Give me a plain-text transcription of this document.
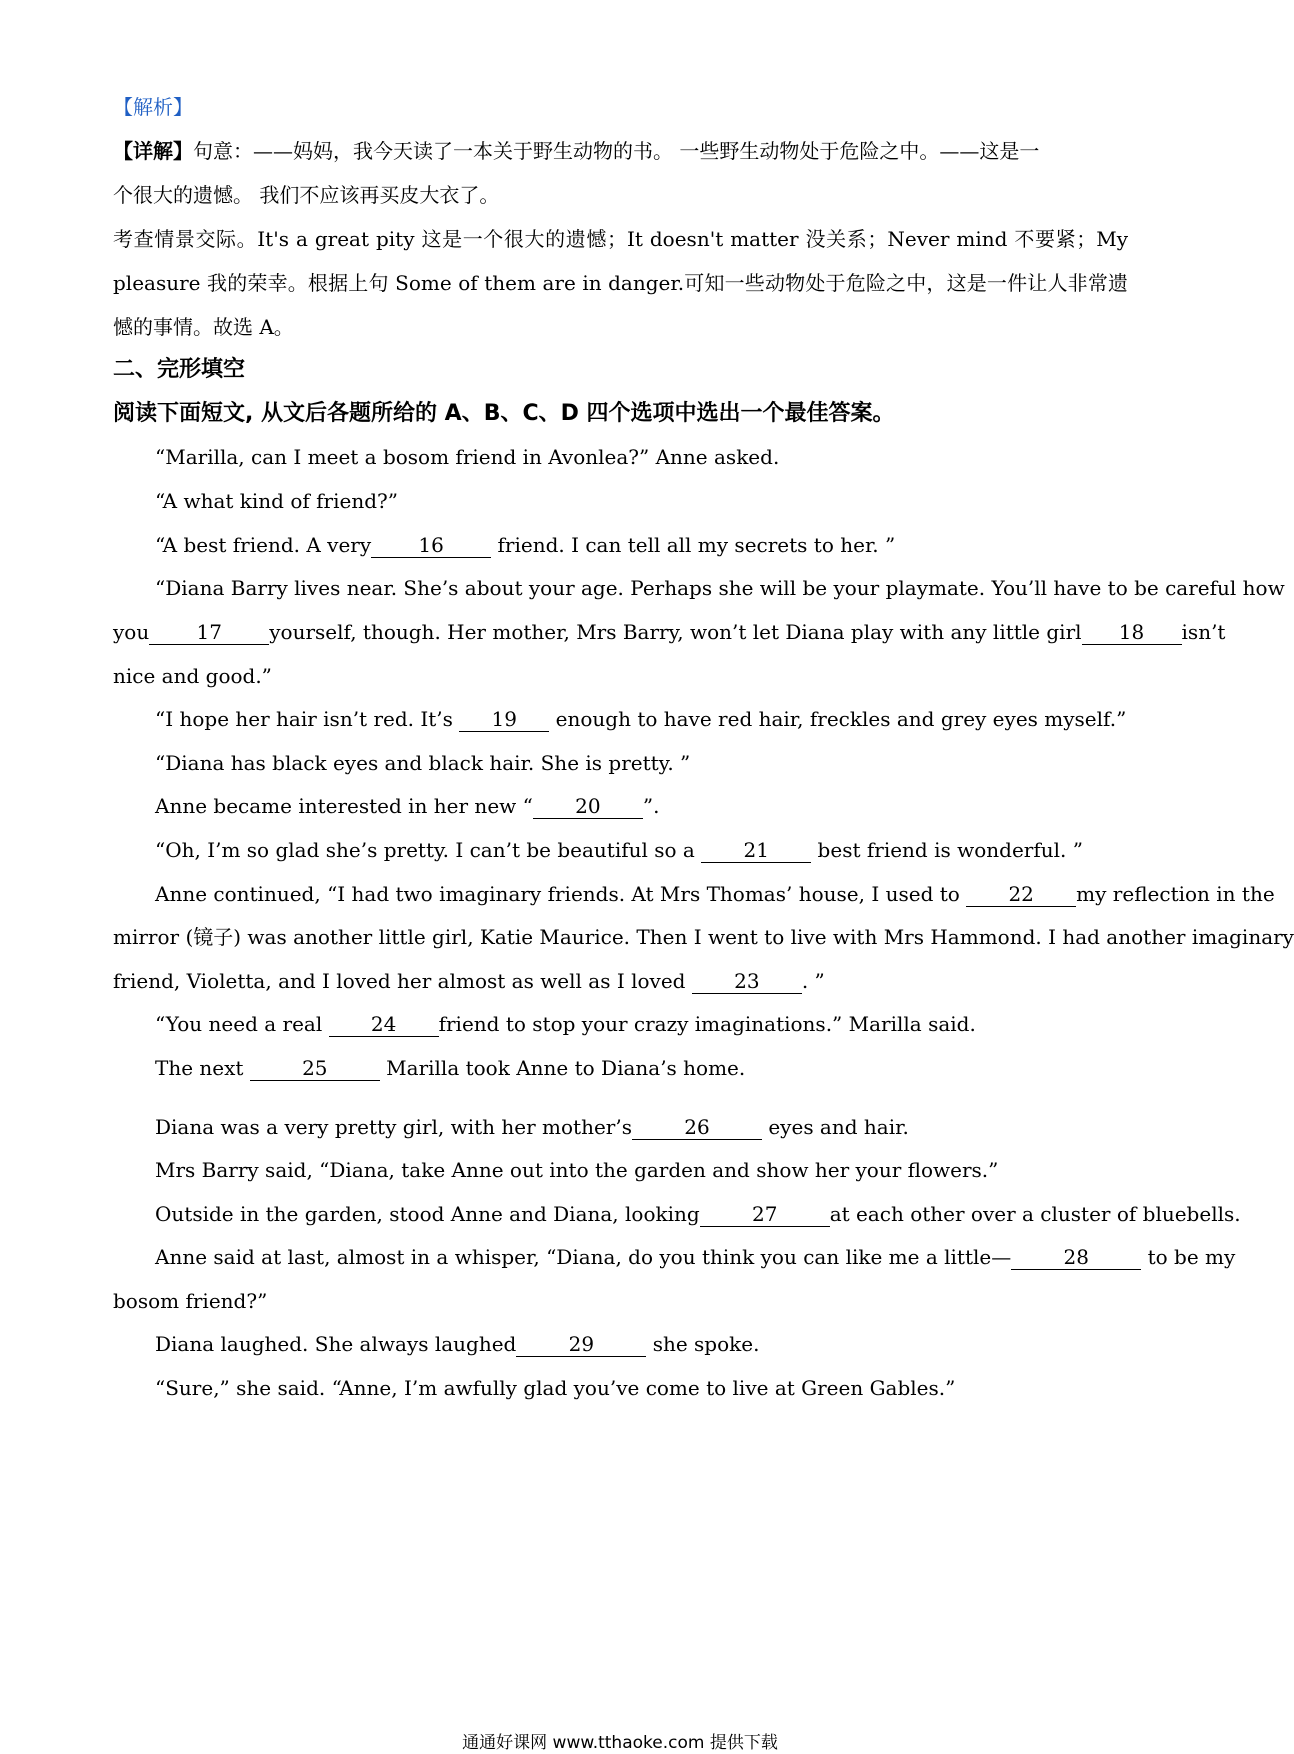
【解析】
【详解】句意：——妈妈，我今天读了一本关于野生动物的书。 一些野生动物处于危险之中。——这是一
个很大的遗憾。 我们不应该再买皮大衣了。
考查情景交际。It's a great pity 这是一个很大的遗憾；It doesn't matter 没关系；Never mind 不要紧；My
pleasure 我的荣幸。根据上句 Some of them are in danger.可知一些动物处于危险之中，这是一件让人非常遗
憾的事情。故选 A。
二、完形填空
阅读下面短文, 从文后各题所给的 A、B、C、D 四个选项中选出一个最佳答案。
“Marilla, can I meet a bosom friend in Avonlea?” Anne asked.
“A what kind of friend?”
“A best friend. A very 16 friend. I can tell all my secrets to her. ”
“Diana Barry lives near. She’s about your age. Perhaps she will be your playmate. You’ll have to be careful how
you 17 yourself, though. Her mother, Mrs Barry, won’t let Diana play with any little girl 18 isn’t
nice and good.”
“I hope her hair isn’t red. It’s 19 enough to have red hair, freckles and grey eyes myself.”
“Diana has black eyes and black hair. She is pretty. ”
Anne became interested in her new “ 20 ”.
“Oh, I’m so glad she’s pretty. I can’t be beautiful so a 21 best friend is wonderful. ”
Anne continued, “I had two imaginary friends. At Mrs Thomas’ house, I used to 22 my reflection in the
mirror (镜子) was another little girl, Katie Maurice. Then I went to live with Mrs Hammond. I had another imaginary
friend, Violetta, and I loved her almost as well as I loved 23 . ”
“You need a real 24 friend to stop your crazy imaginations.” Marilla said.
The next	25	Marilla took Anne to Diana’s home.
Diana was a very pretty girl, with her mother’s	26	eyes and hair.
Mrs Barry said, “Diana, take Anne out into the garden and show her your flowers.”
Outside in the garden, stood Anne and Diana, looking	27	at each other over a cluster of bluebells.
Anne said at last, almost in a whisper, “Diana, do you think you can like me a little—	28	to be my
bosom friend?”
Diana laughed. She always laughed	29	she spoke.
“Sure,” she said. “Anne, I’m awfully glad you’ve come to live at Green Gables.”
通通好课网 www.tthaoke.com 提供下载
